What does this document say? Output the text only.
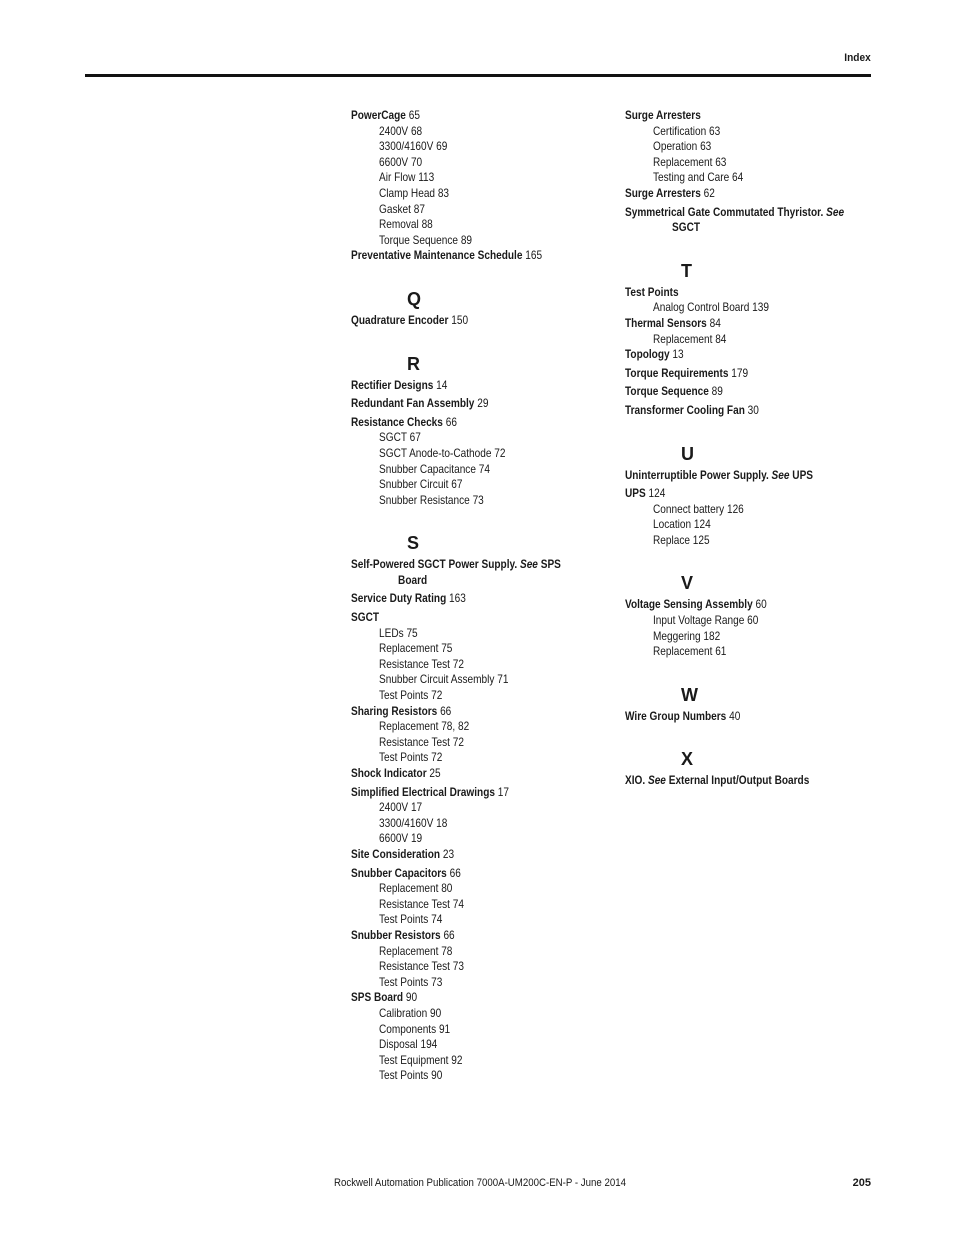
Index
PowerCage 65
2400V 68
3300/4160V 69
6600V 70
Air Flow 113
Clamp Head 83
Gasket 87
Removal 88
Torque Sequence 89
Preventative Maintenance Schedule 165
Q
Quadrature Encoder 150
R
Rectifier Designs 14
Redundant Fan Assembly 29
Resistance Checks 66
SGCT 67
SGCT Anode-to-Cathode 72
Snubber Capacitance 74
Snubber Circuit 67
Snubber Resistance 73
S
Self-Powered SGCT Power Supply. See SPS
Board
Service Duty Rating 163
SGCT
LEDs 75
Replacement 75
Resistance Test 72
Snubber Circuit Assembly 71
Test Points 72
Sharing Resistors 66
Replacement 78, 82
Resistance Test 72
Test Points 72
Shock Indicator 25
Simplified Electrical Drawings 17
2400V 17
3300/4160V 18
6600V 19
Site Consideration 23
Snubber Capacitors 66
Replacement 80
Resistance Test 74
Test Points 74
Snubber Resistors 66
Replacement 78
Resistance Test 73
Test Points 73
SPS Board 90
Calibration 90
Components 91
Disposal 194
Test Equipment 92
Test Points 90
Surge Arresters
Certification 63
Operation 63
Replacement 63
Testing and Care 64
Surge Arresters 62
Symmetrical Gate Commutated Thyristor. See
SGCT
T
Test Points
Analog Control Board 139
Thermal Sensors 84
Replacement 84
Topology 13
Torque Requirements 179
Torque Sequence 89
Transformer Cooling Fan 30
U
Uninterruptible Power Supply. See UPS
UPS 124
Connect battery 126
Location 124
Replace 125
V
Voltage Sensing Assembly 60
Input Voltage Range 60
Meggering 182
Replacement 61
W
Wire Group Numbers 40
X
XIO. See External Input/Output Boards
Rockwell Automation Publication 7000A-UM200C-EN-P - June 2014	205
